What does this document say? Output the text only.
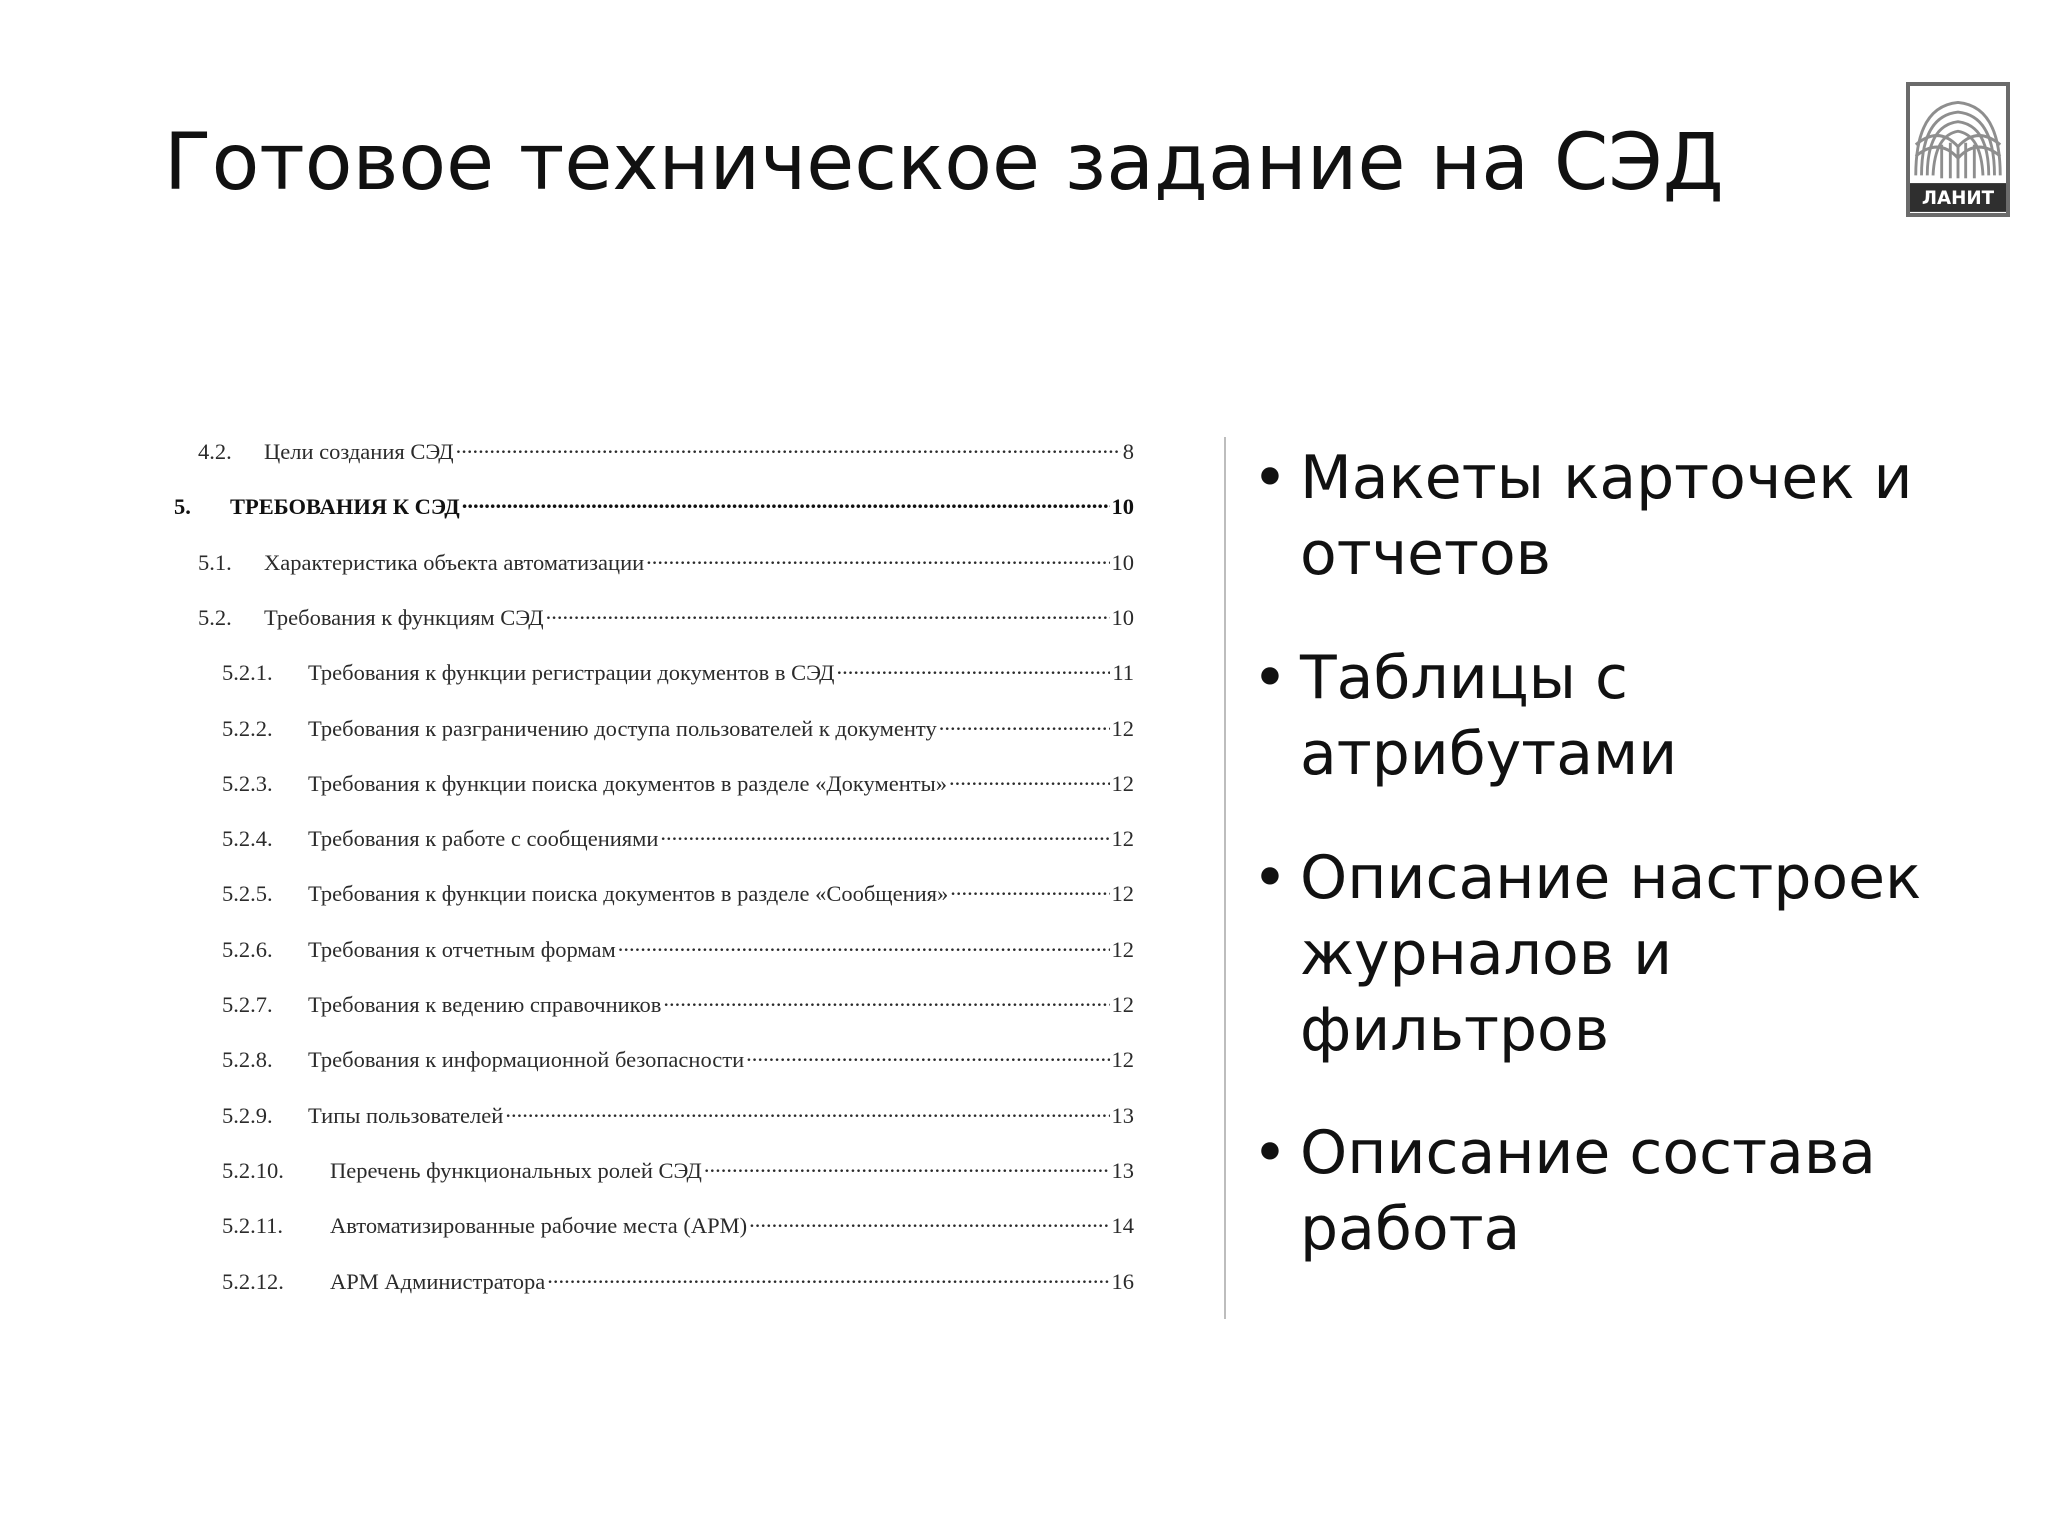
Готовое техническое задание на СЭД	ЛАНИТ
4.2.	Цели создания СЭД .....	8
5.	ТРЕБОВАНИЯ К СЭД .....	10
5.1.	Характеристика объекта автоматизации .....	10
5.2.	Требования к функциям СЭД .....	10
5.2.1.	Требования к функции регистрации документов в СЭД .....	11
5.2.2.	Требования к разграничению доступа пользователей к документу .....	12
5.2.3.	Требования к функции поиска документов в разделе «Документы» .....	12
5.2.4.	Требования к работе с сообщениями .....	12
5.2.5.	Требования к функции поиска документов в разделе «Сообщения» .....	12
5.2.6.	Требования к отчетным формам .....	12
5.2.7.	Требования к ведению справочников .....	12
5.2.8.	Требования к информационной безопасности .....	12
5.2.9.	Типы пользователей .....	13
5.2.10.	Перечень функциональных ролей СЭД .....	13
5.2.11.	Автоматизированные рабочие места (АРМ) .....	14
5.2.12.	АРМ Администратора .....	16
• Макеты карточек и
отчетов
• Таблицы с
атрибутами
• Описание настроек
журналов и
фильтров
• Описание состава
работа
